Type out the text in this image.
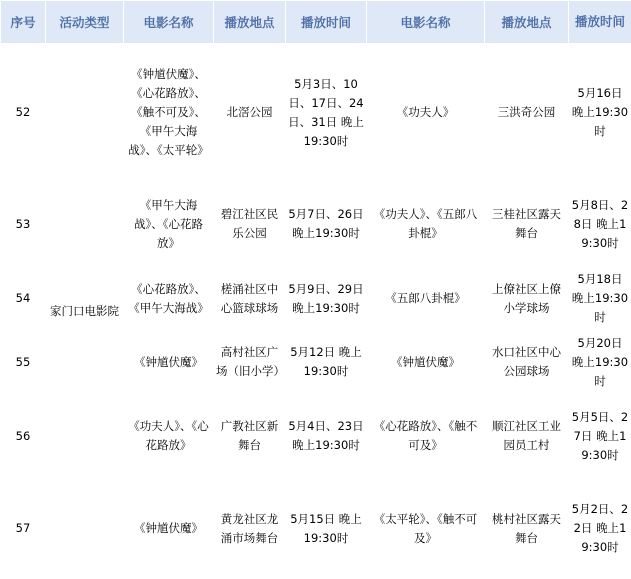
序号	活动类型	电影名称	播放地点	播放时间	电影名称	播放地点	播放时间
52	家门口电影院	《钟馗伏魔》、《心花路放》、《触不可及》、《甲午大海战》、《太平轮》	北滘公园	5月3日、10日、17日、24日、31日 晚上19:30时	《功夫人》	三洪奇公园	5月16日 晚上19:30时
53		《甲午大海战》、《心花路放》	碧江社区民乐公园	5月7日、26日 晚上19:30时	《功夫人》、《五郎八卦棍》	三桂社区露天舞台	5月8日、28日 晚上19:30时
54		《心花路放》、《甲午大海战》	槎涌社区中心篮球球场	5月9日、29日 晚上19:30时	《五郎八卦棍》	上僚社区上僚小学球场	5月18日 晚上19:30时
55		《钟馗伏魔》	高村社区广场（旧小学）	5月12日 晚上19:30时	《钟馗伏魔》	水口社区中心公园球场	5月20日 晚上19:30时
56		《功夫人》、《心花路放》	广教社区新舞台	5月4日、23日 晚上19:30时	《心花路放》、《触不可及》	顺江社区工业园员工村	5月5日、27日 晚上19:30时
57		《钟馗伏魔》	黄龙社区龙涌市场舞台	5月15日 晚上19:30时	《太平轮》、《触不可及》	桃村社区露天舞台	5月2日、22日 晚上19:30时
